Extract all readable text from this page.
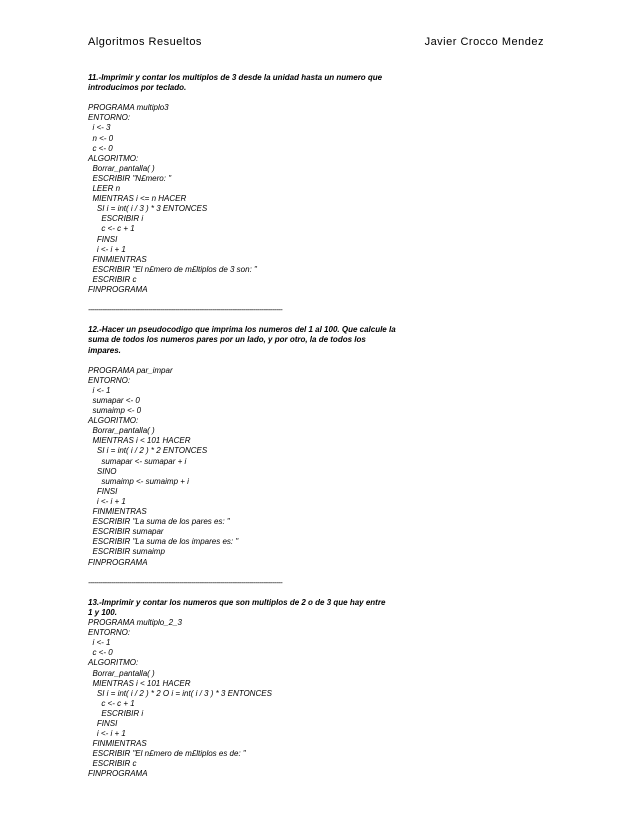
Algoritmos Resueltos	Javier Crocco Mendez
11.-Imprimir y contar los multiplos de 3 desde la unidad hasta un numero que
introducimos por teclado.
PROGRAMA multiplo3
ENTORNO:
i <- 3
n <- 0
c <- 0
ALGORITMO:
Borrar_pantalla( )
ESCRIBIR "N£mero: "
LEER n
MIENTRAS i <= n HACER
SI i = int( i / 3 ) * 3 ENTONCES
ESCRIBIR i
c <- c + 1
FINSI
i <- i + 1
FINMIENTRAS
ESCRIBIR "El n£mero de m£ltiplos de 3 son: "
ESCRIBIR c
FINPROGRAMA
----------------------------------------------------------------------------------------------
12.-Hacer un pseudocodigo que imprima los numeros del 1 al 100. Que calcule la
suma de todos los numeros pares por un lado, y por otro, la de todos los
impares.
PROGRAMA par_impar
ENTORNO:
i <- 1
sumapar <- 0
sumaimp <- 0
ALGORITMO:
Borrar_pantalla( )
MIENTRAS i < 101 HACER
SI i = int( i / 2 ) * 2 ENTONCES
sumapar <- sumapar + i
SINO
sumaimp <- sumaimp + i
FINSI
i <- i + 1
FINMIENTRAS
ESCRIBIR "La suma de los pares es: "
ESCRIBIR sumapar
ESCRIBIR "La suma de los impares es: "
ESCRIBIR sumaimp
FINPROGRAMA
----------------------------------------------------------------------------------------------
13.-Imprimir y contar los numeros que son multiplos de 2 o de 3 que hay entre
1 y 100.
PROGRAMA multiplo_2_3
ENTORNO:
i <- 1
c <- 0
ALGORITMO:
Borrar_pantalla( )
MIENTRAS i < 101 HACER
SI i = int( i / 2 ) * 2 O i = int( i / 3 ) * 3 ENTONCES
c <- c + 1
ESCRIBIR i
FINSI
i <- i + 1
FINMIENTRAS
ESCRIBIR "El n£mero de m£ltiplos es de: "
ESCRIBIR c
FINPROGRAMA
